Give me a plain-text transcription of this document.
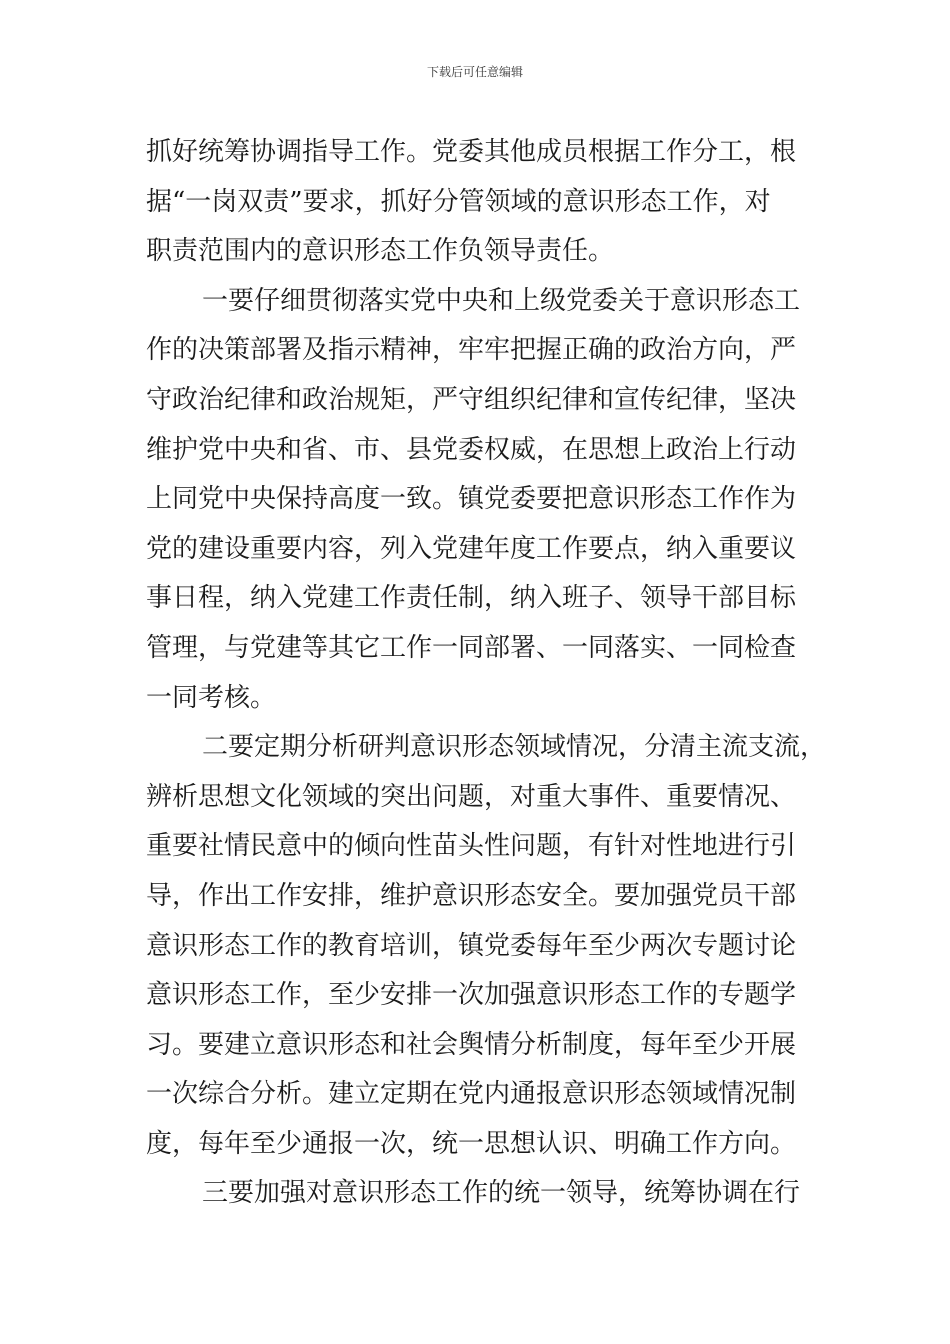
下载后可任意编辑
抓好统筹协调指导工作。党委其他成员根据工作分工，根
据“一岗双责”要求，抓好分管领域的意识形态工作，对
职责范围内的意识形态工作负领导责任。
一要仔细贯彻落实党中央和上级党委关于意识形态工
作的决策部署及指示精神，牢牢把握正确的政治方向，严
守政治纪律和政治规矩，严守组织纪律和宣传纪律，坚决
维护党中央和省、市、县党委权威，在思想上政治上行动
上同党中央保持高度一致。镇党委要把意识形态工作作为
党的建设重要内容，列入党建年度工作要点，纳入重要议
事日程，纳入党建工作责任制，纳入班子、领导干部目标
管理，与党建等其它工作一同部署、一同落实、一同检查
一同考核。
二要定期分析研判意识形态领域情况，分清主流支流，
辨析思想文化领域的突出问题，对重大事件、重要情况、
重要社情民意中的倾向性苗头性问题，有针对性地进行引
导，作出工作安排，维护意识形态安全。要加强党员干部
意识形态工作的教育培训，镇党委每年至少两次专题讨论
意识形态工作，至少安排一次加强意识形态工作的专题学
习。要建立意识形态和社会舆情分析制度，每年至少开展
一次综合分析。建立定期在党内通报意识形态领域情况制
度，每年至少通报一次，统一思想认识、明确工作方向。
三要加强对意识形态工作的统一领导，统筹协调在行
